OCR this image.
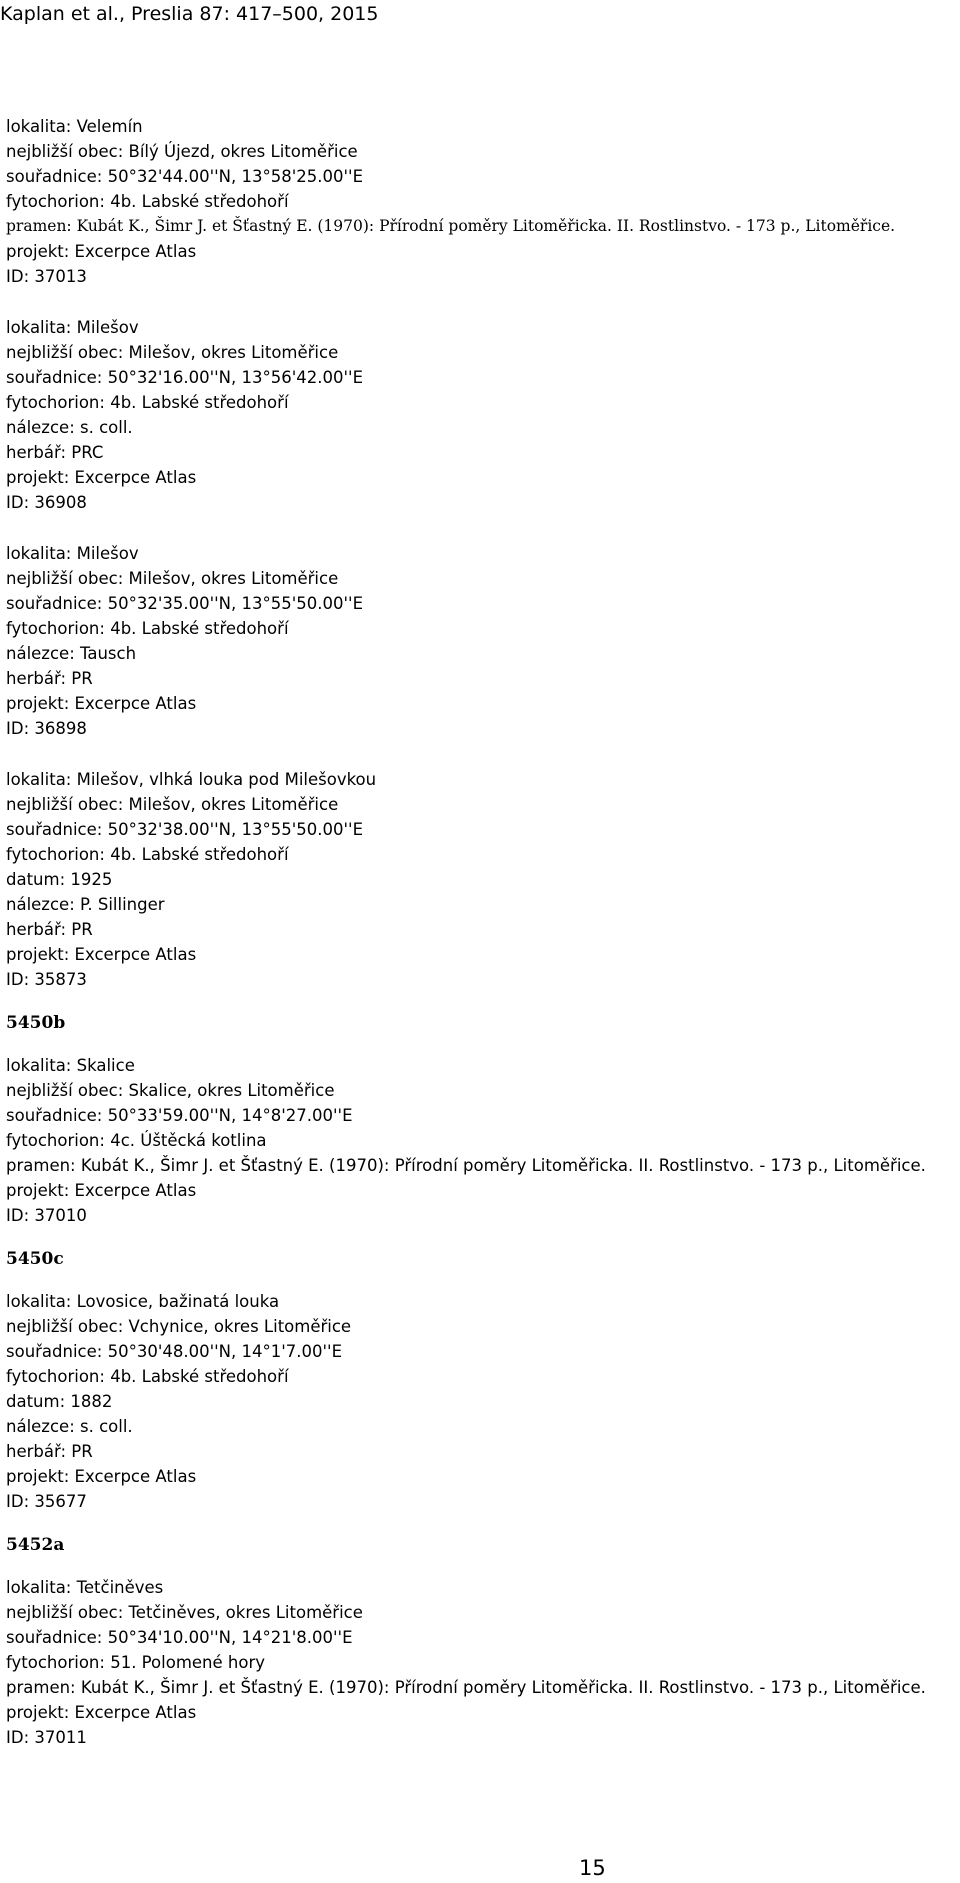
Kaplan et al., Preslia 87: 417–500, 2015
lokalita: Velemín
nejbližší obec: Bílý Újezd, okres Litoměřice
souřadnice: 50°32'44.00''N, 13°58'25.00''E
fytochorion: 4b. Labské středohoří
pramen: Kubát K., Šimr J. et Šťastný E. (1970): Přírodní poměry Litoměřicka. II. Rostlinstvo. - 173 p., Litoměřice.
projekt: Excerpce Atlas
ID: 37013
lokalita: Milešov
nejbližší obec: Milešov, okres Litoměřice
souřadnice: 50°32'16.00''N, 13°56'42.00''E
fytochorion: 4b. Labské středohoří
nálezce: s. coll.
herbář: PRC
projekt: Excerpce Atlas
ID: 36908
lokalita: Milešov
nejbližší obec: Milešov, okres Litoměřice
souřadnice: 50°32'35.00''N, 13°55'50.00''E
fytochorion: 4b. Labské středohoří
nálezce: Tausch
herbář: PR
projekt: Excerpce Atlas
ID: 36898
lokalita: Milešov, vlhká louka pod Milešovkou
nejbližší obec: Milešov, okres Litoměřice
souřadnice: 50°32'38.00''N, 13°55'50.00''E
fytochorion: 4b. Labské středohoří
datum: 1925
nálezce: P. Sillinger
herbář: PR
projekt: Excerpce Atlas
ID: 35873
5450b
lokalita: Skalice
nejbližší obec: Skalice, okres Litoměřice
souřadnice: 50°33'59.00''N, 14°8'27.00''E
fytochorion: 4c. Úštěcká kotlina
pramen: Kubát K., Šimr J. et Šťastný E. (1970): Přírodní poměry Litoměřicka. II. Rostlinstvo. - 173 p., Litoměřice.
projekt: Excerpce Atlas
ID: 37010
5450c
lokalita: Lovosice, bažinatá louka
nejbližší obec: Vchynice, okres Litoměřice
souřadnice: 50°30'48.00''N, 14°1'7.00''E
fytochorion: 4b. Labské středohoří
datum: 1882
nálezce: s. coll.
herbář: PR
projekt: Excerpce Atlas
ID: 35677
5452a
lokalita: Tetčiněves
nejbližší obec: Tetčiněves, okres Litoměřice
souřadnice: 50°34'10.00''N, 14°21'8.00''E
fytochorion: 51. Polomené hory
pramen: Kubát K., Šimr J. et Šťastný E. (1970): Přírodní poměry Litoměřicka. II. Rostlinstvo. - 173 p., Litoměřice.
projekt: Excerpce Atlas
ID: 37011
15
